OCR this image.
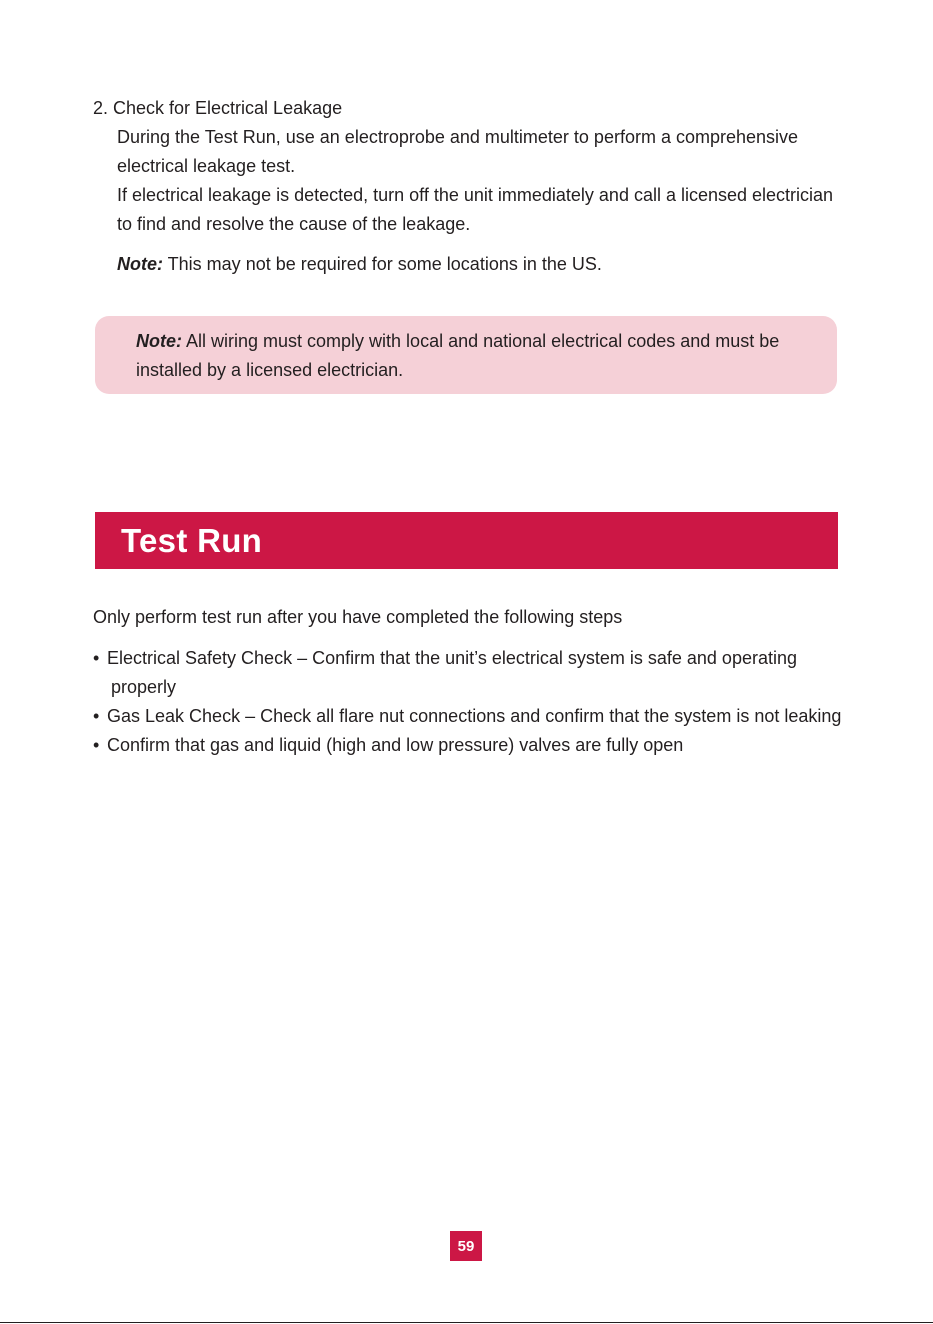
2. Check for Electrical Leakage

During the Test Run, use an electroprobe and multimeter to perform a comprehensive electrical leakage test.

If electrical leakage is detected, turn off the unit immediately and call a licensed electrician to find and resolve the cause of the leakage.

Note: This may not be required for some locations in the US.

Note: All wiring must comply with local and national electrical codes and must be installed by a licensed electrician.
Test Run

Only perform test run after you have completed the following steps

• Electrical Safety Check – Confirm that the unit’s electrical system is safe and operating properly
• Gas Leak Check – Check all flare nut connections and confirm that the system is not leaking
• Confirm that gas and liquid (high and low pressure) valves are fully open
59
